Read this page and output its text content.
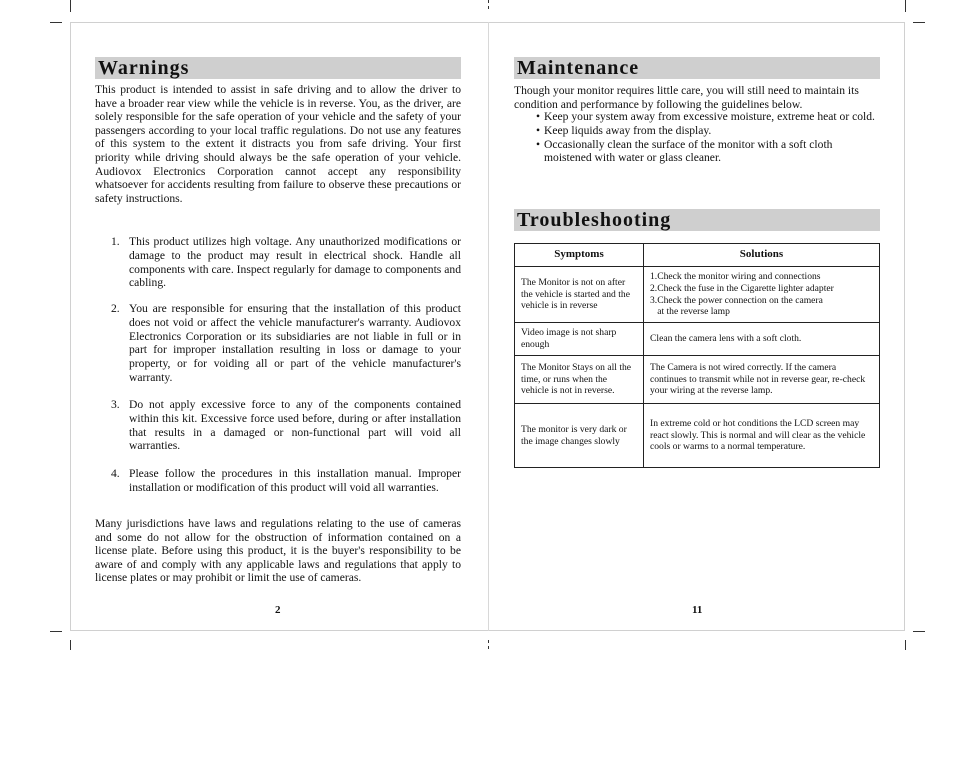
Warnings

This product is intended to assist in safe driving and to allow the driver to have a broader rear view while the vehicle is in reverse. You, as the driver, are solely responsible for the safe operation of your vehicle and the safety of your passengers according to your local traffic regulations. Do not use any features of this system to the extent it distracts you from safe driving. Your first priority while driving should always be the safe operation of your vehicle. Audiovox Electronics Corporation cannot accept any responsibility whatsoever for accidents resulting from failure to observe these precautions or safety instructions.

1. This product utilizes high voltage. Any unauthorized modifications or damage to the product may result in electrical shock. Handle all components with care. Inspect regularly for damage to components and cabling.
2. You are responsible for ensuring that the installation of this product does not void or affect the vehicle manufacturer's warranty. Audiovox Electronics Corporation or its subsidiaries are not liable in full or in part for improper installation resulting in loss or damage to your property, or for voiding all or part of the vehicle manufacturer's warranty.
3. Do not apply excessive force to any of the components contained within this kit. Excessive force used before, during or after installation that results in a damaged or non-functional part will void all warranties.
4. Please follow the procedures in this installation manual. Improper installation or modification of this product will void all warranties.

Many jurisdictions have laws and regulations relating to the use of cameras and some do not allow for the obstruction of information contained on a license plate. Before using this product, it is the buyer's responsibility to be aware of and comply with any applicable laws and regulations that apply to license plates or may prohibit or limit the use of cameras.

2
Maintenance

Though your monitor requires little care, you will still need to maintain its condition and performance by following the guidelines below.

• Keep your system away from excessive moisture, extreme heat or cold.
• Keep liquids away from the display.
• Occasionally clean the surface of the monitor with a soft cloth moistened with water or glass cleaner.
Troubleshooting
Symptoms	Solutions
The Monitor is not on after the vehicle is started and the vehicle is in reverse	1.Check the monitor wiring and connections
2.Check the fuse in the Cigarette lighter adapter
3.Check the power connection on the camera
at the reverse lamp

Video image is not sharp enough	Clean the camera lens with a soft cloth.

The Monitor Stays on all the time, or runs when the vehicle is not in reverse.	The Camera is not wired correctly. If the camera continues to transmit while not in reverse gear, re-check your wiring at the reverse lamp.

The monitor is very dark or the image changes slowly	In extreme cold or hot conditions the LCD screen may react slowly. This is normal and will clear as the vehicle cools or warms to a normal temperature.
11
